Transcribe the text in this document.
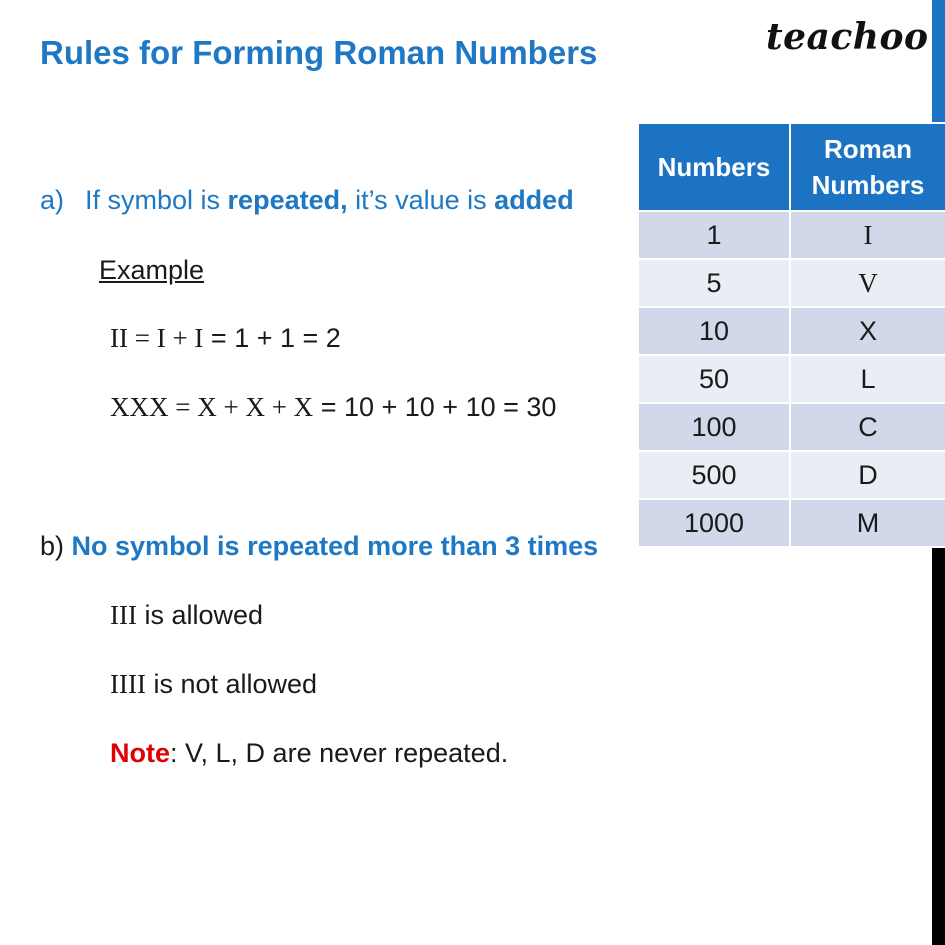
Rules for Forming Roman Numbers	teachoo
a) If symbol is repeated, it’s value is added
Example
II = I + I = 1 + 1 = 2
XXX = X + X + X = 10 + 10 + 10 = 30
b) No symbol is repeated more than 3 times
III is allowed
IIII is not allowed
Note: V, L, D are never repeated.
Numbers	Roman Numbers

1	I
5	V
10	X
50	L
100	C
500	D
1000	M
